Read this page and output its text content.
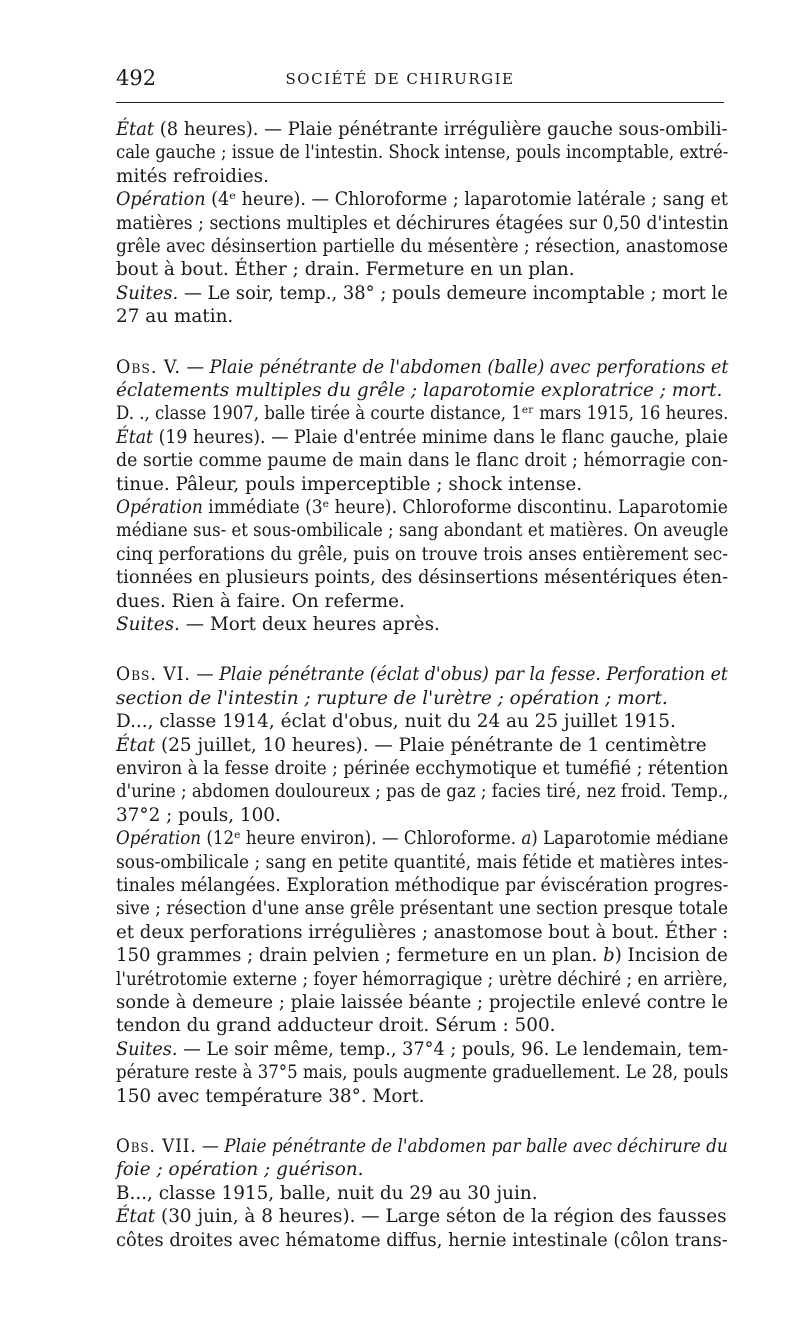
492	SOCIÉTÉ DE CHIRURGIE
État (8 heures). — Plaie pénétrante irrégulière gauche sous-ombili-
cale gauche ; issue de l'intestin. Shock intense, pouls incomptable, extré-
mités refroidies.
Opération (4ᵉ heure). — Chloroforme ; laparotomie latérale ; sang et
matières ; sections multiples et déchirures étagées sur 0,50 d'intestin
grêle avec désinsertion partielle du mésentère ; résection, anastomose
bout à bout. Éther ; drain. Fermeture en un plan.
Suites. — Le soir, temp., 38° ; pouls demeure incomptable ; mort le
27 au matin.
Obs. V. — Plaie pénétrante de l'abdomen (balle) avec perforations et
éclatements multiples du grêle ; laparotomie exploratrice ; mort.
D. ., classe 1907, balle tirée à courte distance, 1ᵉʳ mars 1915, 16 heures.
État (19 heures). — Plaie d'entrée minime dans le flanc gauche, plaie
de sortie comme paume de main dans le flanc droit ; hémorragie con-
tinue. Pâleur, pouls imperceptible ; shock intense.
Opération immédiate (3ᵉ heure). Chloroforme discontinu. Laparotomie
médiane sus- et sous-ombilicale ; sang abondant et matières. On aveugle
cinq perforations du grêle, puis on trouve trois anses entièrement sec-
tionnées en plusieurs points, des désinsertions mésentériques éten-
dues. Rien à faire. On referme.
Suites. — Mort deux heures après.
Obs. VI. — Plaie pénétrante (éclat d'obus) par la fesse. Perforation et
section de l'intestin ; rupture de l'urètre ; opération ; mort.
D..., classe 1914, éclat d'obus, nuit du 24 au 25 juillet 1915.
État (25 juillet, 10 heures). — Plaie pénétrante de 1 centimètre
environ à la fesse droite ; périnée ecchymotique et tuméfié ; rétention
d'urine ; abdomen douloureux ; pas de gaz ; facies tiré, nez froid. Temp.,
37°2 ; pouls, 100.
Opération (12ᵉ heure environ). — Chloroforme. a) Laparotomie médiane
sous-ombilicale ; sang en petite quantité, mais fétide et matières intes-
tinales mélangées. Exploration méthodique par éviscération progres-
sive ; résection d'une anse grêle présentant une section presque totale
et deux perforations irrégulières ; anastomose bout à bout. Éther :
150 grammes ; drain pelvien ; fermeture en un plan. b) Incision de
l'urétrotomie externe ; foyer hémorragique ; urètre déchiré ; en arrière,
sonde à demeure ; plaie laissée béante ; projectile enlevé contre le
tendon du grand adducteur droit. Sérum : 500.
Suites. — Le soir même, temp., 37°4 ; pouls, 96. Le lendemain, tem-
pérature reste à 37°5 mais, pouls augmente graduellement. Le 28, pouls
150 avec température 38°. Mort.
Obs. VII. — Plaie pénétrante de l'abdomen par balle avec déchirure du
foie ; opération ; guérison.
B..., classe 1915, balle, nuit du 29 au 30 juin.
État (30 juin, à 8 heures). — Large séton de la région des fausses
côtes droites avec hématome diffus, hernie intestinale (côlon trans-
